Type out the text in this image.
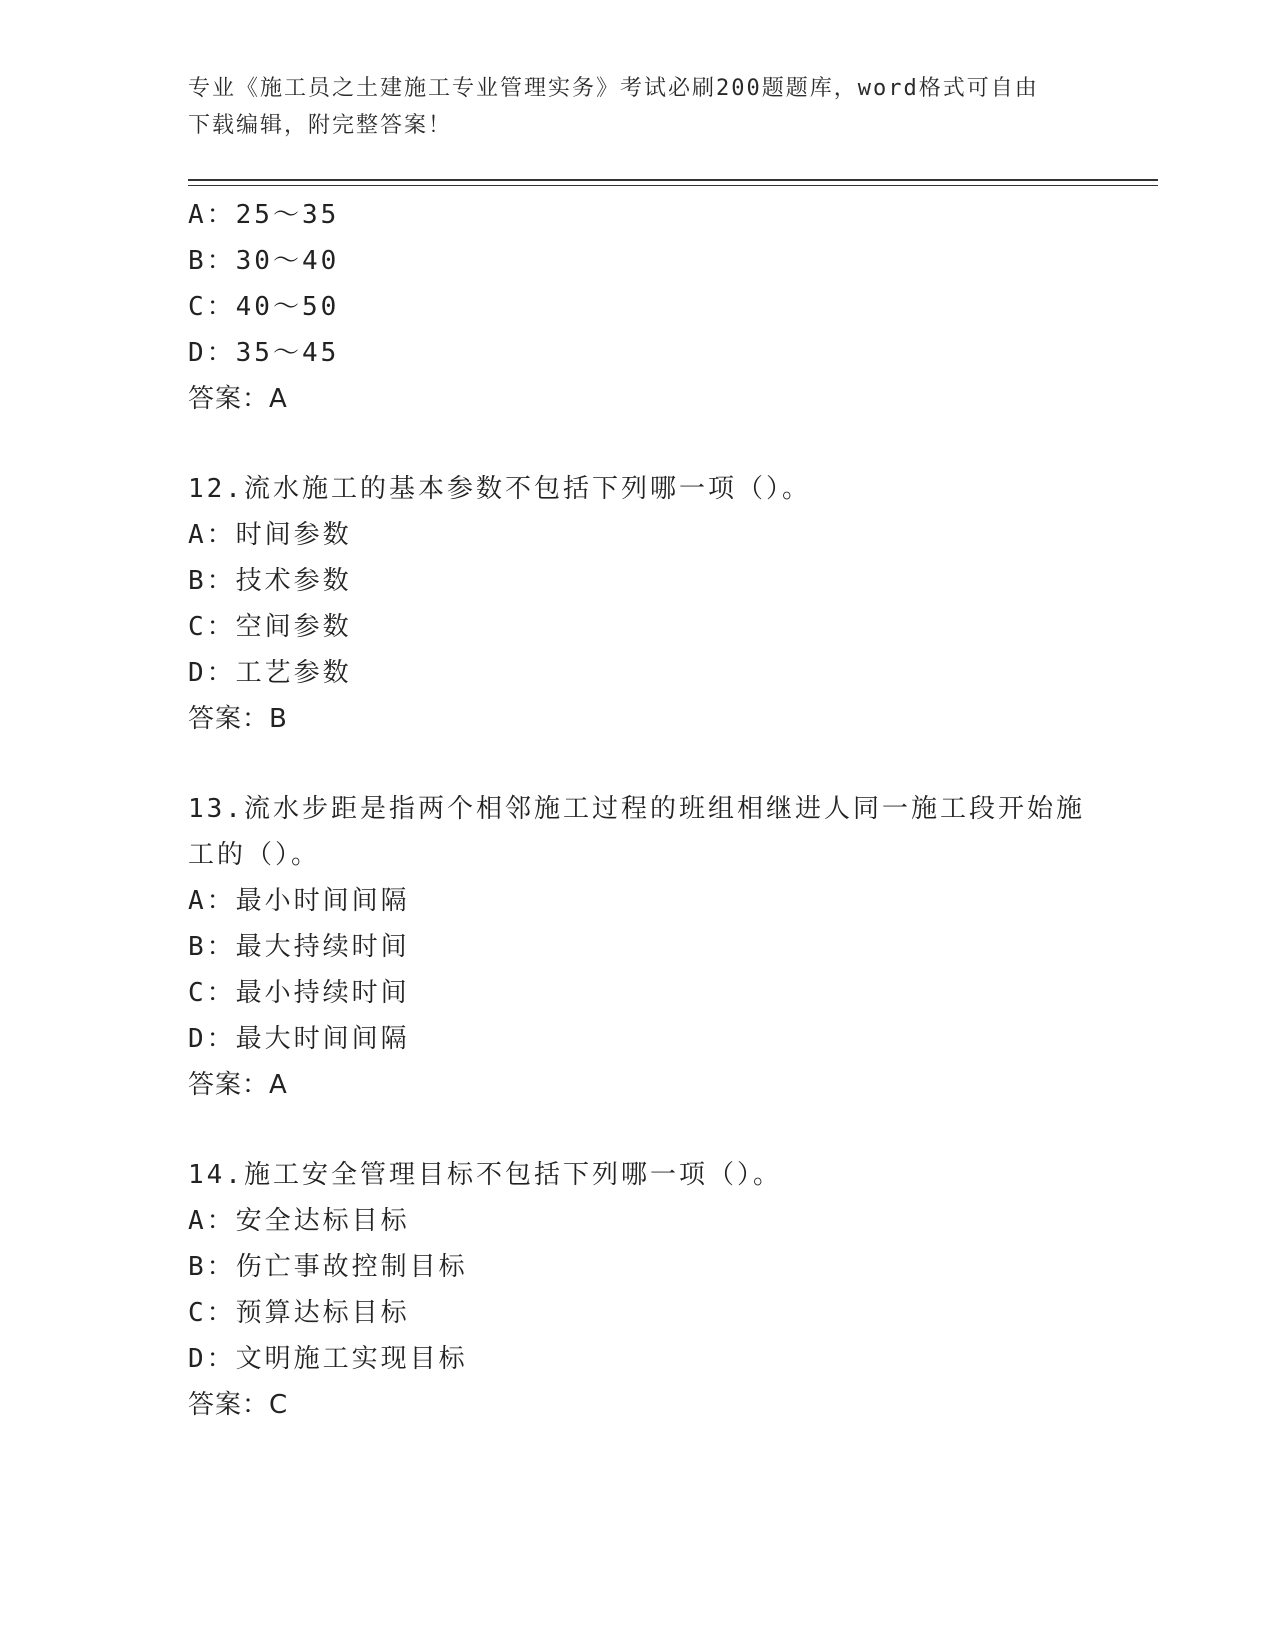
专业《施工员之土建施工专业管理实务》考试必刷200题题库，word格式可自由
下载编辑，附完整答案！
A：25～35
B：30～40
C：40～50
D：35～45
答案：A
12.流水施工的基本参数不包括下列哪一项（）。
A：时间参数
B：技术参数
C：空间参数
D：工艺参数
答案：B
13.流水步距是指两个相邻施工过程的班组相继进人同一施工段开始施
工的（）。
A：最小时间间隔
B：最大持续时间
C：最小持续时间
D：最大时间间隔
答案：A
14.施工安全管理目标不包括下列哪一项（）。
A：安全达标目标
B：伤亡事故控制目标
C：预算达标目标
D：文明施工实现目标
答案：C
